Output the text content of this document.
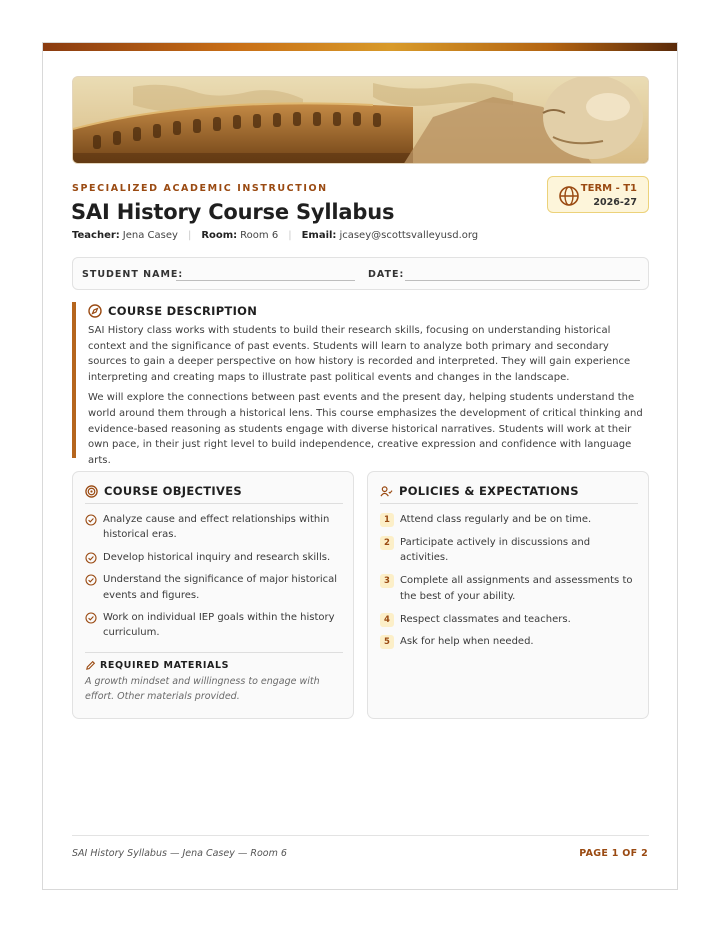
SPECIALIZED ACADEMIC INSTRUCTION
SAI History Course Syllabus
Teacher: Jena Casey | Room: Room 6 | Email: jcasey@scottsvalleyusd.org
TERM - T1
2026-27
STUDENT NAME:	DATE:
COURSE DESCRIPTION

SAI History class works with students to build their research skills, focusing on understanding historical context and the significance of past events. Students will learn to analyze both primary and secondary sources to gain a deeper perspective on how history is recorded and interpreted. They will gain experience interpreting and creating maps to illustrate past political events and changes in the landscape.

We will explore the connections between past events and the present day, helping students understand the world around them through a historical lens. This course emphasizes the development of critical thinking and evidence-based reasoning as students engage with diverse historical narratives. Students will work at their own pace, in their just right level to build independence, creative expression and confidence with language arts.

COURSE OBJECTIVES
Analyze cause and effect relationships within historical eras.
Develop historical inquiry and research skills.
Understand the significance of major historical events and figures.
Work on individual IEP goals within the history curriculum.
REQUIRED MATERIALS

A growth mindset and willingness to engage with effort. Other materials provided.

POLICIES & EXPECTATIONS
1	Attend class regularly and be on time.
2	Participate actively in discussions and activities.
3	Complete all assignments and assessments to the best of your ability.
4	Respect classmates and teachers.
5	Ask for help when needed.
SAI History Syllabus — Jena Casey — Room 6	PAGE 1 OF 2
